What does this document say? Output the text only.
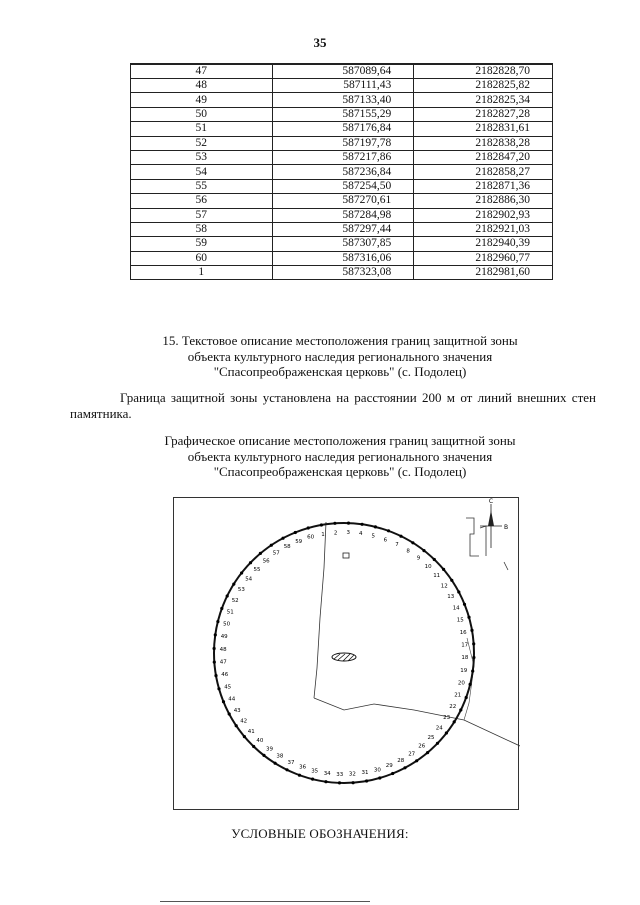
35
47	587089,64	2182828,70
48	587111,43	2182825,82
49	587133,40	2182825,34
50	587155,29	2182827,28
51	587176,84	2182831,61
52	587197,78	2182838,28
53	587217,86	2182847,20
54	587236,84	2182858,27
55	587254,50	2182871,36
56	587270,61	2182886,30
57	587284,98	2182902,93
58	587297,44	2182921,03
59	587307,85	2182940,39
60	587316,06	2182960,77
1	587323,08	2182981,60
15. Текстовое описание местоположения границ защитной зоны
объекта культурного наследия регионального значения
"Спасопреображенская церковь" (с. Подолец)
Граница защитной зоны установлена на расстоянии 200 м от линий внешних стен памятника.
Графическое описание местоположения границ защитной зоны
объекта культурного наследия регионального значения
"Спасопреображенская церковь" (с. Подолец)
С
В
1 2 3 4 5
6
7
8
9
10
11
12
13
14
15
16
17
18
19
20
21
22
23
24
25
26
27
28
29
30
31
32
33
34
35
36
37
38
39
40
41
42
43
44
45
46
47
48
49
50
51
52
53
54
55
56
57
58
59
60
УСЛОВНЫЕ ОБОЗНАЧЕНИЯ:
